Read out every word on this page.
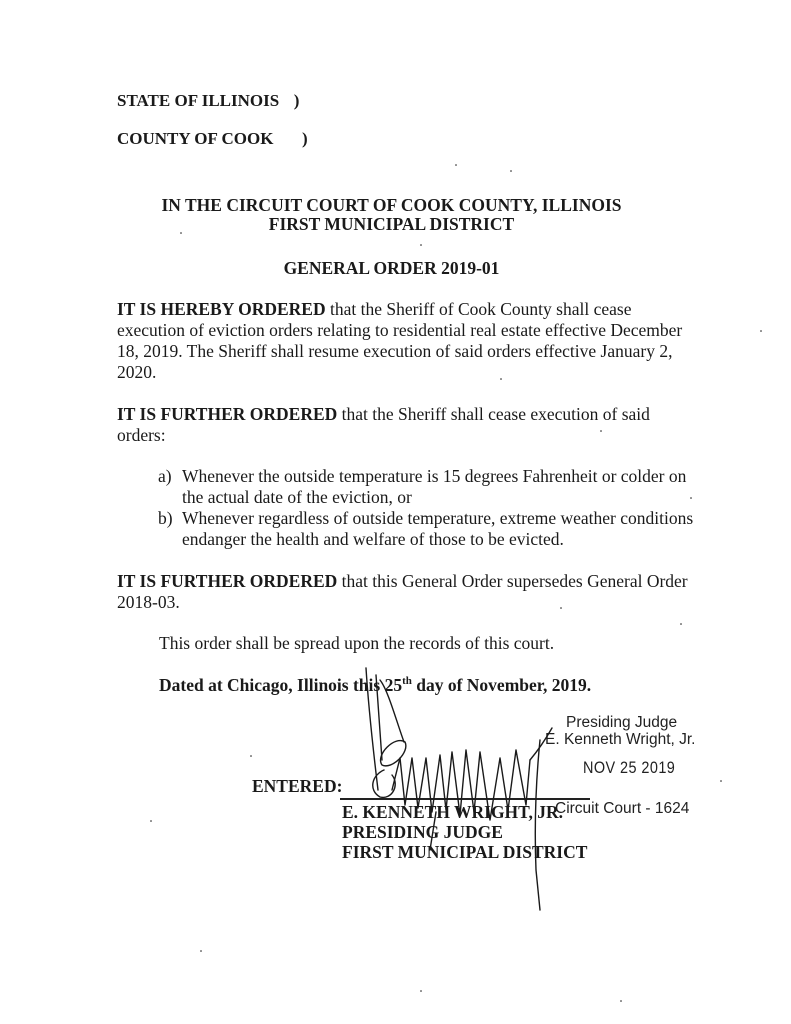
STATE OF ILLINOIS )
COUNTY OF COOK )
IN THE CIRCUIT COURT OF COOK COUNTY, ILLINOIS
FIRST MUNICIPAL DISTRICT
GENERAL ORDER 2019-01
IT IS HEREBY ORDERED that the Sheriff of Cook County shall cease
execution of eviction orders relating to residential real estate effective December
18, 2019. The Sheriff shall resume execution of said orders effective January 2,
2020.
IT IS FURTHER ORDERED that the Sheriff shall cease execution of said
orders:
a) Whenever the outside temperature is 15 degrees Fahrenheit or colder on
the actual date of the eviction, or
b) Whenever regardless of outside temperature, extreme weather conditions
endanger the health and welfare of those to be evicted.
IT IS FURTHER ORDERED that this General Order supersedes General Order
2018-03.
This order shall be spread upon the records of this court.
Dated at Chicago, Illinois this 25th day of November, 2019.
Presiding Judge
E. Kenneth Wright, Jr.
NOV 25 2019
Circuit Court - 1624
ENTERED:
E. KENNETH WRIGHT, JR.
PRESIDING JUDGE
FIRST MUNICIPAL DISTRICT
